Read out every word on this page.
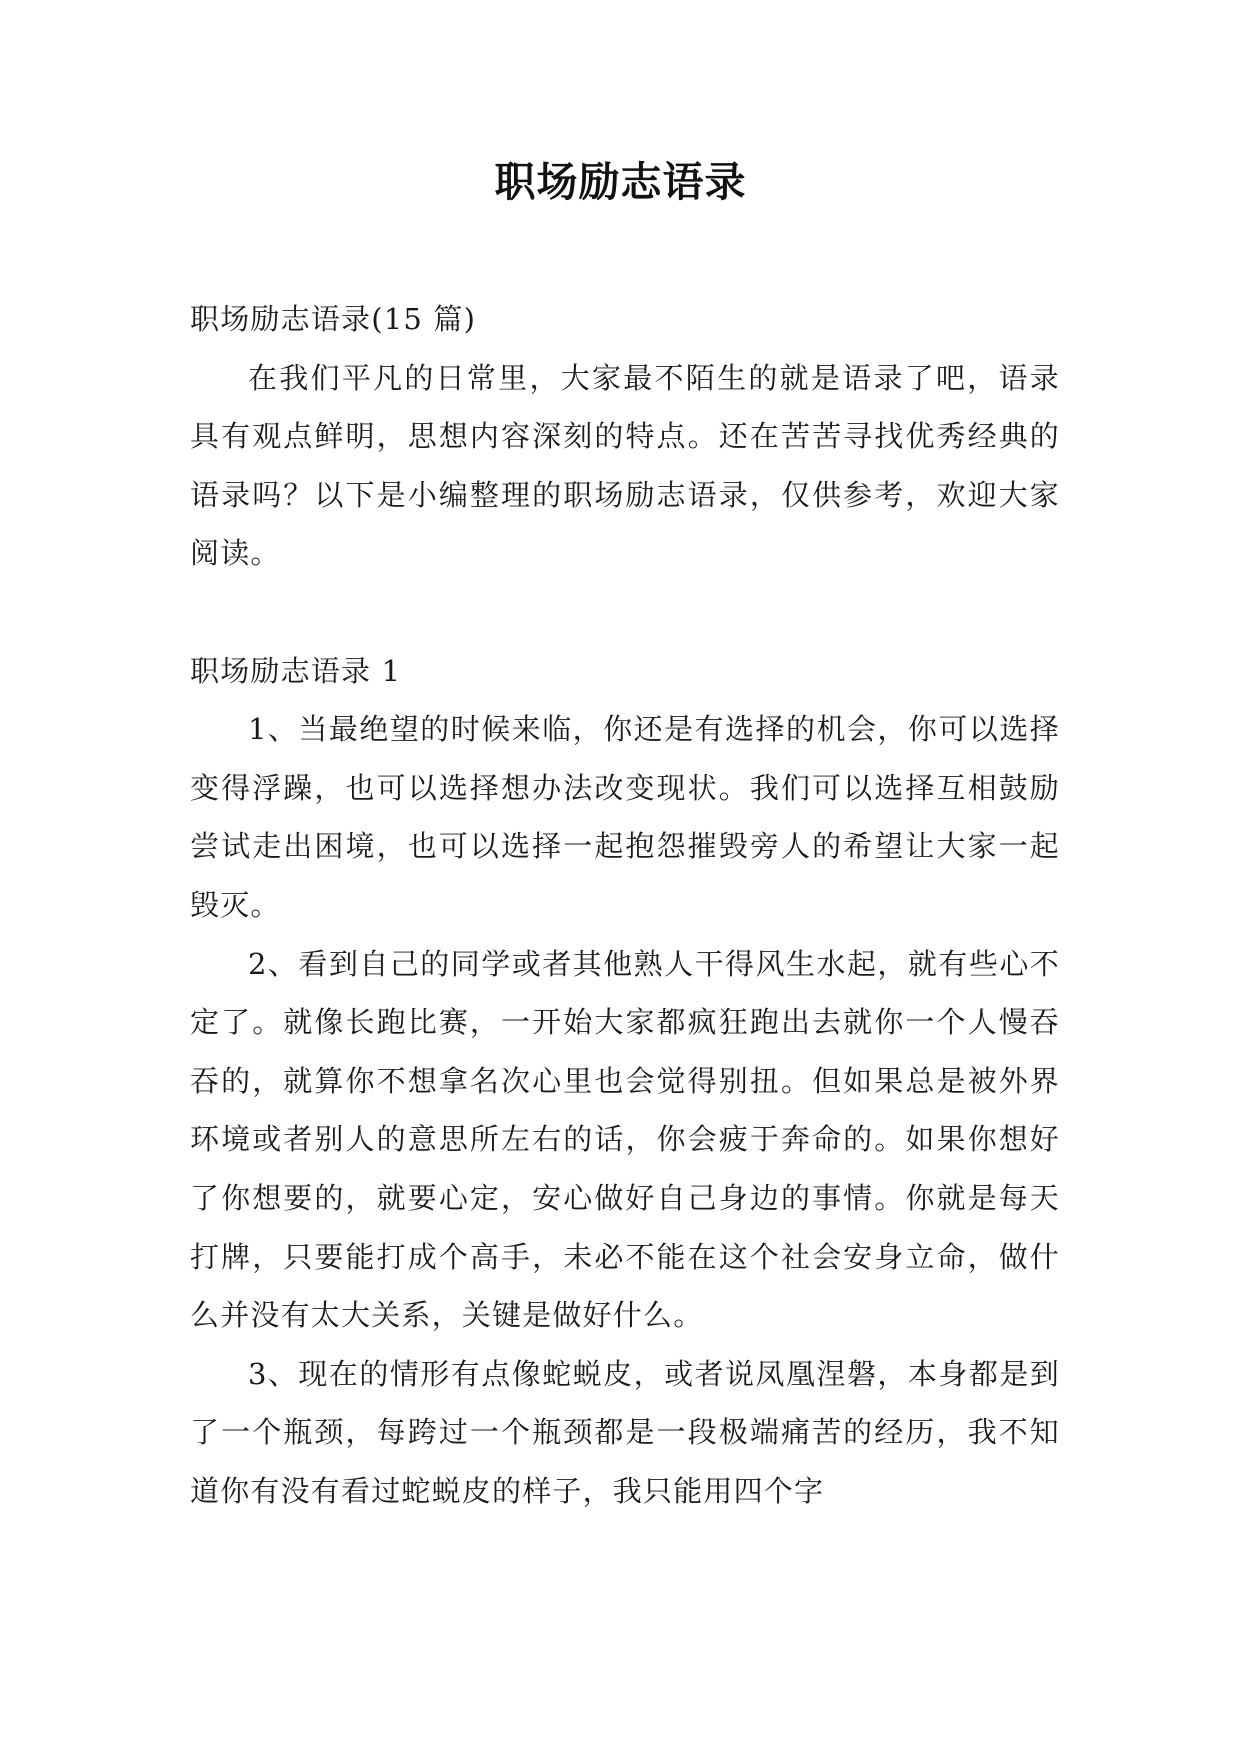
职场励志语录

职场励志语录(15 篇)

在我们平凡的日常里，大家最不陌生的就是语录了吧，语录具有观点鲜明，思想内容深刻的特点。还在苦苦寻找优秀经典的语录吗？以下是小编整理的职场励志语录，仅供参考，欢迎大家阅读。

职场励志语录 1

1、当最绝望的时候来临，你还是有选择的机会，你可以选择变得浮躁，也可以选择想办法改变现状。我们可以选择互相鼓励尝试走出困境，也可以选择一起抱怨摧毁旁人的希望让大家一起毁灭。

2、看到自己的同学或者其他熟人干得风生水起，就有些心不定了。就像长跑比赛，一开始大家都疯狂跑出去就你一个人慢吞吞的，就算你不想拿名次心里也会觉得别扭。但如果总是被外界环境或者别人的意思所左右的话，你会疲于奔命的。如果你想好了你想要的，就要心定，安心做好自己身边的事情。你就是每天打牌，只要能打成个高手，未必不能在这个社会安身立命，做什么并没有太大关系，关键是做好什么。

3、现在的情形有点像蛇蜕皮，或者说凤凰涅磐，本身都是到了一个瓶颈，每跨过一个瓶颈都是一段极端痛苦的经历，我不知道你有没有看过蛇蜕皮的样子，我只能用四个字
